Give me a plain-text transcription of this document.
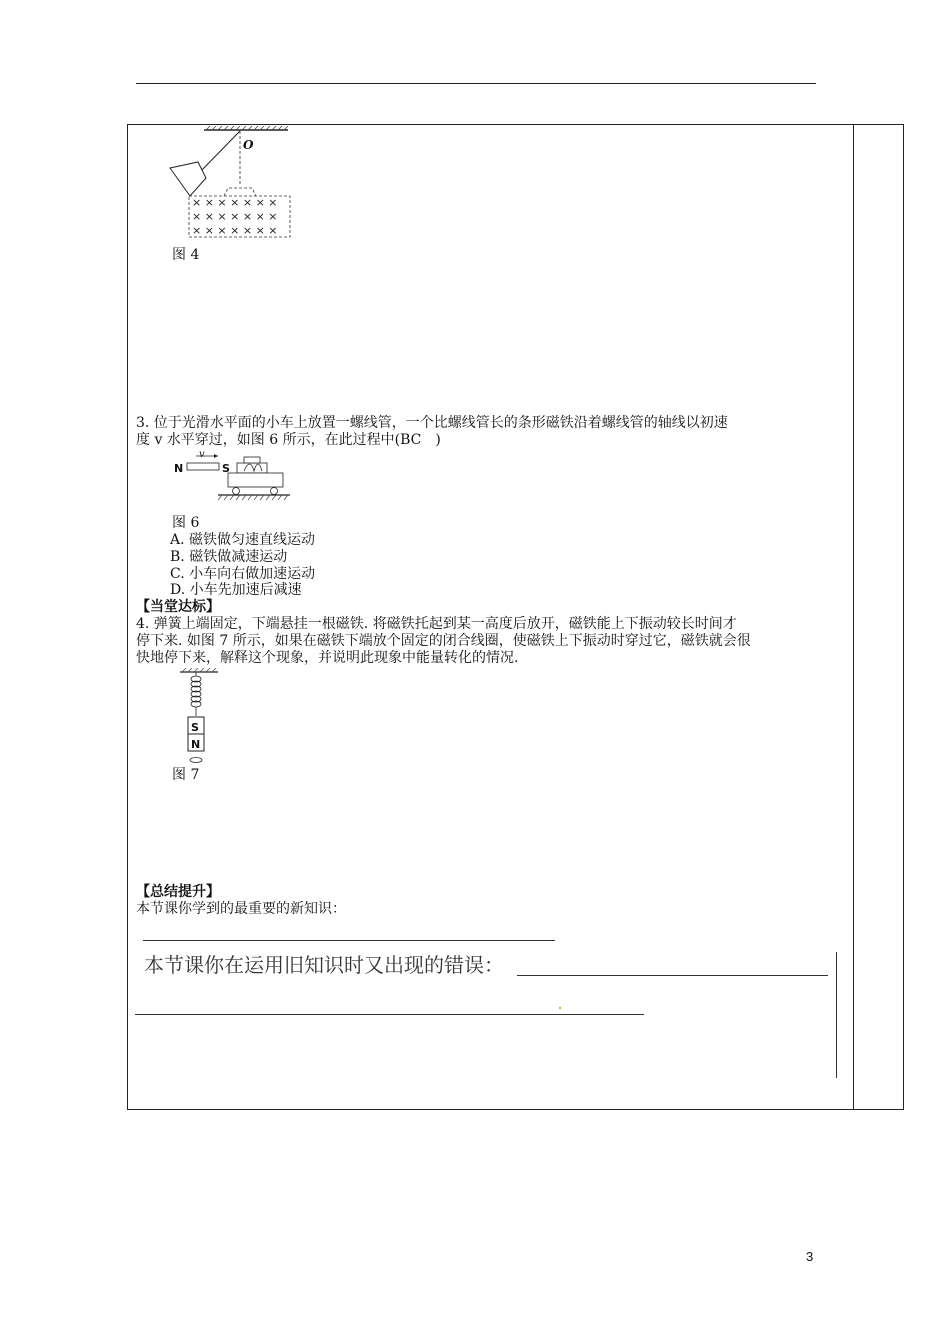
× × × × × × ×
× × × × × × ×
× × × × × × ×
O
图 4
3. 位于光滑水平面的小车上放置一螺线管，一个比螺线管长的条形磁铁沿着螺线管的轴线以初速
度 v 水平穿过，如图 6 所示，在此过程中(BC　)
N	S
v
图 6
A. 磁铁做匀速直线运动
B. 磁铁做减速运动
C. 小车向右做加速运动
D. 小车先加速后减速
【当堂达标】
4. 弹簧上端固定，下端悬挂一根磁铁. 将磁铁托起到某一高度后放开，磁铁能上下振动较长时间才
停下来. 如图 7 所示，如果在磁铁下端放个固定的闭合线圈，使磁铁上下振动时穿过它，磁铁就会很
快地停下来，解释这个现象，并说明此现象中能量转化的情况.
S
N
图 7
【总结提升】
本节课你学到的最重要的新知识：
本节课你在运用旧知识时又出现的错误：
3
